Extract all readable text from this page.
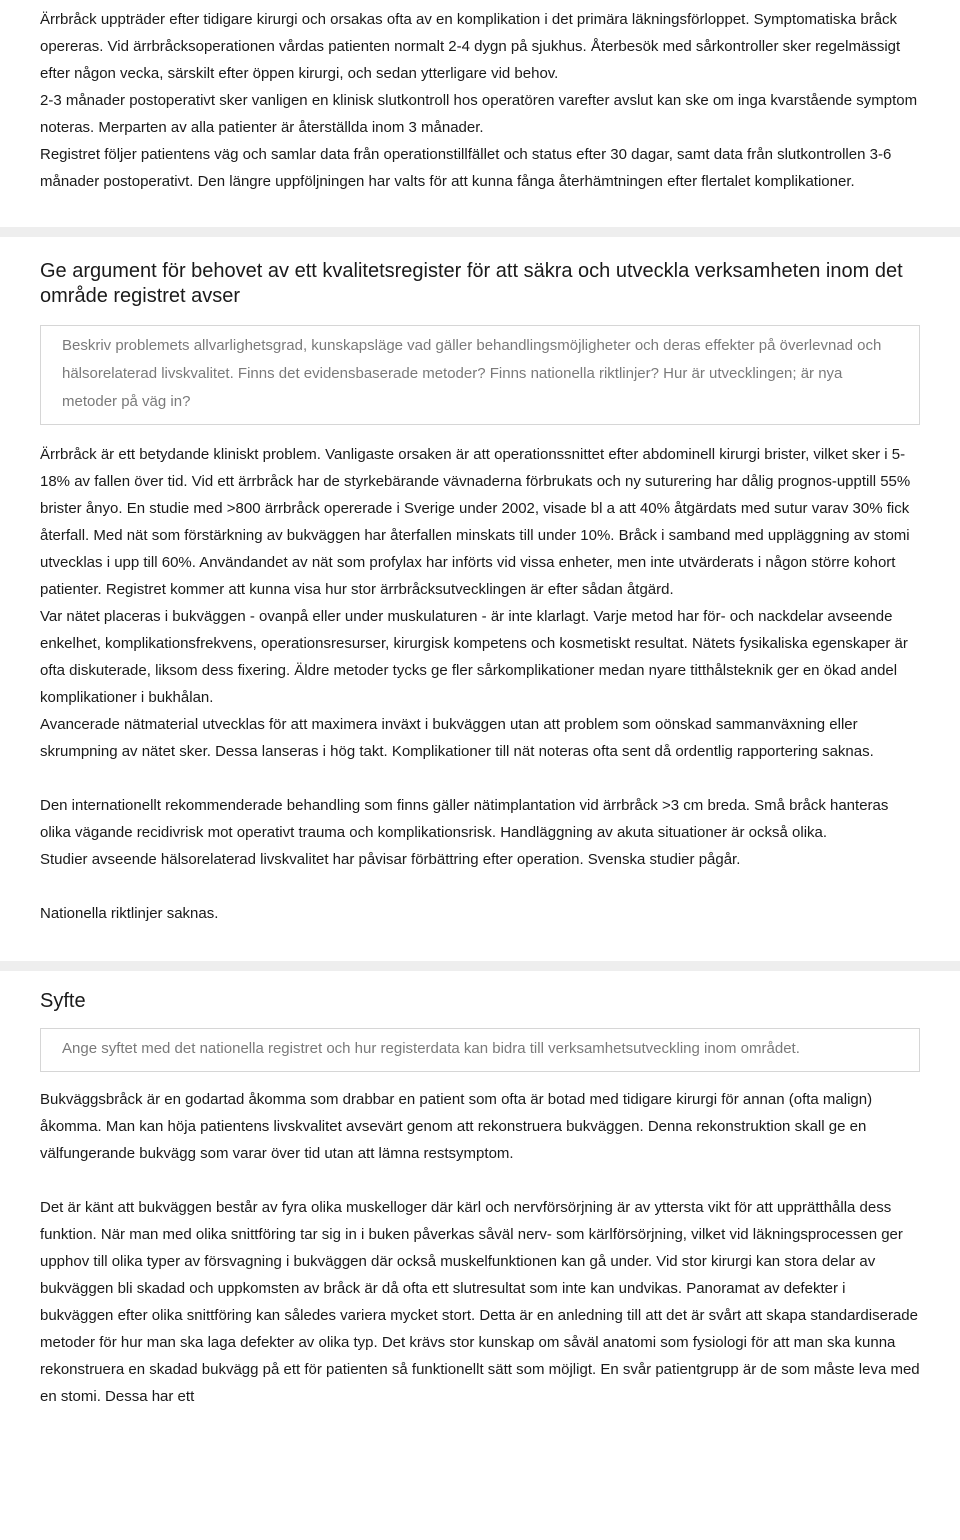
Ärrbråck uppträder efter tidigare kirurgi och orsakas ofta av en komplikation i det primära läkningsförloppet. Symptomatiska bråck opereras. Vid ärrbråcksoperationen vårdas patienten normalt 2-4 dygn på sjukhus. Återbesök med sårkontroller sker regelmässigt efter någon vecka, särskilt efter öppen kirurgi, och sedan ytterligare vid behov.

2-3 månader postoperativt sker vanligen en klinisk slutkontroll hos operatören varefter avslut kan ske om inga kvarstående symptom noteras. Merparten av alla patienter är återställda inom 3 månader.

Registret följer patientens väg och samlar data från operationstillfället och status efter 30 dagar, samt data från slutkontrollen 3-6 månader postoperativt. Den längre uppföljningen har valts för att kunna fånga återhämtningen efter flertalet komplikationer.

Ge argument för behovet av ett kvalitetsregister för att säkra och utveckla verksamheten inom det område registret avser
Beskriv problemets allvarlighetsgrad, kunskapsläge vad gäller behandlingsmöjligheter och deras effekter på överlevnad och hälsorelaterad livskvalitet. Finns det evidensbaserade metoder? Finns nationella riktlinjer? Hur är utvecklingen; är nya metoder på väg in?

Ärrbråck är ett betydande kliniskt problem. Vanligaste orsaken är att operationssnittet efter abdominell kirurgi brister, vilket sker i 5-18% av fallen över tid. Vid ett ärrbråck har de styrkebärande vävnaderna förbrukats och ny suturering har dålig prognos-upptill 55% brister ånyo. En studie med >800 ärrbråck opererade i Sverige under 2002, visade bl a att 40% åtgärdats med sutur varav 30% fick återfall. Med nät som förstärkning av bukväggen har återfallen minskats till under 10%. Bråck i samband med uppläggning av stomi utvecklas i upp till 60%. Användandet av nät som profylax har införts vid vissa enheter, men inte utvärderats i någon större kohort patienter. Registret kommer att kunna visa hur stor ärrbråcksutvecklingen är efter sådan åtgärd.

Var nätet placeras i bukväggen - ovanpå eller under muskulaturen - är inte klarlagt. Varje metod har för- och nackdelar avseende enkelhet, komplikationsfrekvens, operationsresurser, kirurgisk kompetens och kosmetiskt resultat. Nätets fysikaliska egenskaper är ofta diskuterade, liksom dess fixering. Äldre metoder tycks ge fler sårkomplikationer medan nyare titthålsteknik ger en ökad andel komplikationer i bukhålan.

Avancerade nätmaterial utvecklas för att maximera inväxt i bukväggen utan att problem som oönskad sammanväxning eller skrumpning av nätet sker. Dessa lanseras i hög takt. Komplikationer till nät noteras ofta sent då ordentlig rapportering saknas.

Den internationellt rekommenderade behandling som finns gäller nätimplantation vid ärrbråck >3 cm breda. Små bråck hanteras olika vägande recidivrisk mot operativt trauma och komplikationsrisk. Handläggning av akuta situationer är också olika.

Studier avseende hälsorelaterad livskvalitet har påvisar förbättring efter operation. Svenska studier pågår.

Nationella riktlinjer saknas.

Syfte
Ange syftet med det nationella registret och hur registerdata kan bidra till verksamhetsutveckling inom området.

Bukväggsbråck är en godartad åkomma som drabbar en patient som ofta är botad med tidigare kirurgi för annan (ofta malign) åkomma. Man kan höja patientens livskvalitet avsevärt genom att rekonstruera bukväggen. Denna rekonstruktion skall ge en välfungerande bukvägg som varar över tid utan att lämna restsymptom.

Det är känt att bukväggen består av fyra olika muskelloger där kärl och nervförsörjning är av yttersta vikt för att upprätthålla dess funktion. När man med olika snittföring tar sig in i buken påverkas såväl nerv- som kärlförsörjning, vilket vid läkningsprocessen ger upphov till olika typer av försvagning i bukväggen där också muskelfunktionen kan gå under. Vid stor kirurgi kan stora delar av bukväggen bli skadad och uppkomsten av bråck är då ofta ett slutresultat som inte kan undvikas. Panoramat av defekter i bukväggen efter olika snittföring kan således variera mycket stort. Detta är en anledning till att det är svårt att skapa standardiserade metoder för hur man ska laga defekter av olika typ. Det krävs stor kunskap om såväl anatomi som fysiologi för att man ska kunna rekonstruera en skadad bukvägg på ett för patienten så funktionellt sätt som möjligt. En svår patientgrupp är de som måste leva med en stomi. Dessa har ett
